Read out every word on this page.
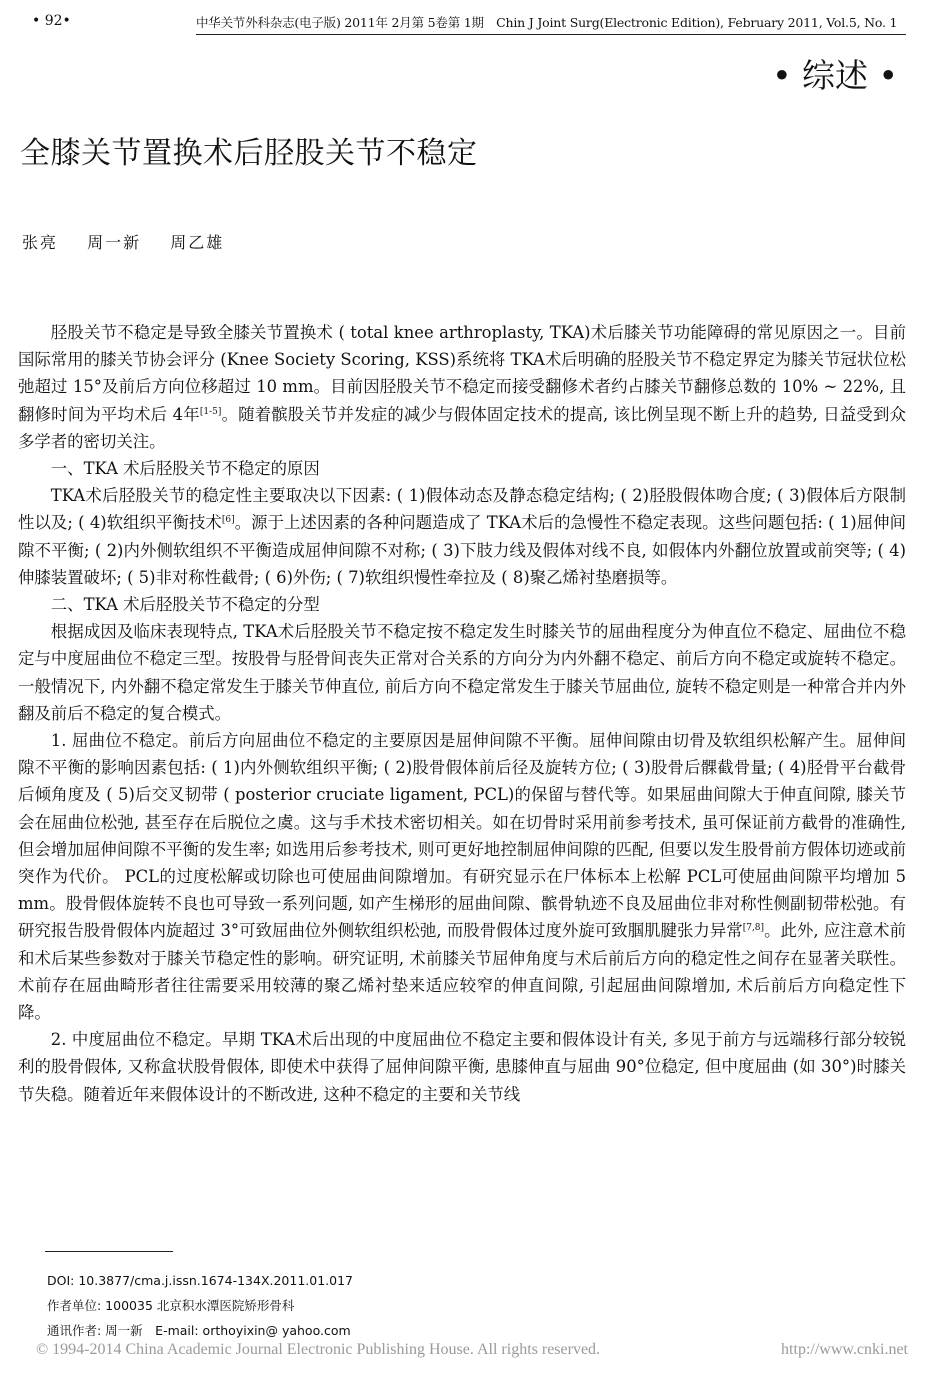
• 92•	中华关节外科杂志(电子版) 2011年 2月第 5卷第 1期　Chin J Joint Surg(Electronic Edition), February 2011, Vol.5, No. 1
• 综述 •
全膝关节置换术后胫股关节不稳定
张亮 周一新 周乙雄

胫股关节不稳定是导致全膝关节置换术 ( total knee arthroplasty, TKA)术后膝关节功能障碍的常见原因之一。目前国际常用的膝关节协会评分 (Knee Society Scoring, KSS)系统将 TKA术后明确的胫股关节不稳定界定为膝关节冠状位松弛超过 15°及前后方向位移超过 10 mm。目前因胫股关节不稳定而接受翻修术者约占膝关节翻修总数的 10% ~ 22%, 且翻修时间为平均术后 4年[1-5]。随着髌股关节并发症的减少与假体固定技术的提高, 该比例呈现不断上升的趋势, 日益受到众多学者的密切关注。

一、TKA 术后胫股关节不稳定的原因

TKA术后胫股关节的稳定性主要取决以下因素: ( 1)假体动态及静态稳定结构; ( 2)胫股假体吻合度; ( 3)假体后方限制性以及; ( 4)软组织平衡技术[6]。源于上述因素的各种问题造成了 TKA术后的急慢性不稳定表现。这些问题包括: ( 1)屈伸间隙不平衡; ( 2)内外侧软组织不平衡造成屈伸间隙不对称; ( 3)下肢力线及假体对线不良, 如假体内外翻位放置或前突等; ( 4)伸膝装置破坏; ( 5)非对称性截骨; ( 6)外伤; ( 7)软组织慢性牵拉及 ( 8)聚乙烯衬垫磨损等。

二、TKA 术后胫股关节不稳定的分型

根据成因及临床表现特点, TKA术后胫股关节不稳定按不稳定发生时膝关节的屈曲程度分为伸直位不稳定、屈曲位不稳定与中度屈曲位不稳定三型。按股骨与胫骨间丧失正常对合关系的方向分为内外翻不稳定、前后方向不稳定或旋转不稳定。一般情况下, 内外翻不稳定常发生于膝关节伸直位, 前后方向不稳定常发生于膝关节屈曲位, 旋转不稳定则是一种常合并内外翻及前后不稳定的复合模式。

1. 屈曲位不稳定。前后方向屈曲位不稳定的主要原因是屈伸间隙不平衡。屈伸间隙由切骨及软组织松解产生。屈伸间隙不平衡的影响因素包括: ( 1)内外侧软组织平衡; ( 2)股骨假体前后径及旋转方位; ( 3)股骨后髁截骨量; ( 4)胫骨平台截骨后倾角度及 ( 5)后交叉韧带 ( posterior cruciate ligament, PCL)的保留与替代等。如果屈曲间隙大于伸直间隙, 膝关节会在屈曲位松弛, 甚至存在后脱位之虞。这与手术技术密切相关。如在切骨时采用前参考技术, 虽可保证前方截骨的准确性, 但会增加屈伸间隙不平衡的发生率; 如选用后参考技术, 则可更好地控制屈伸间隙的匹配, 但要以发生股骨前方假体切迹或前突作为代价。 PCL的过度松解或切除也可使屈曲间隙增加。有研究显示在尸体标本上松解 PCL可使屈曲间隙平均增加 5 mm。股骨假体旋转不良也可导致一系列问题, 如产生梯形的屈曲间隙、髌骨轨迹不良及屈曲位非对称性侧副韧带松弛。有研究报告股骨假体内旋超过 3°可致屈曲位外侧软组织松弛, 而股骨假体过度外旋可致腘肌腱张力异常[7,8]。此外, 应注意术前和术后某些参数对于膝关节稳定性的影响。研究证明, 术前膝关节屈伸角度与术后前后方向的稳定性之间存在显著关联性。术前存在屈曲畸形者往往需要采用较薄的聚乙烯衬垫来适应较窄的伸直间隙, 引起屈曲间隙增加, 术后前后方向稳定性下降。

2. 中度屈曲位不稳定。早期 TKA术后出现的中度屈曲位不稳定主要和假体设计有关, 多见于前方与远端移行部分较锐利的股骨假体, 又称盒状股骨假体, 即使术中获得了屈伸间隙平衡, 患膝伸直与屈曲 90°位稳定, 但中度屈曲 (如 30°)时膝关节失稳。随着近年来假体设计的不断改进, 这种不稳定的主要和关节线

DOI: 10.3877/cma.j.issn.1674-134X.2011.01.017
作者单位: 100035 北京积水潭医院矫形骨科
通讯作者: 周一新　E-mail: orthoyixin@ yahoo.com
© 1994-2014 China Academic Journal Electronic Publishing House. All rights reserved.	http://www.cnki.net
